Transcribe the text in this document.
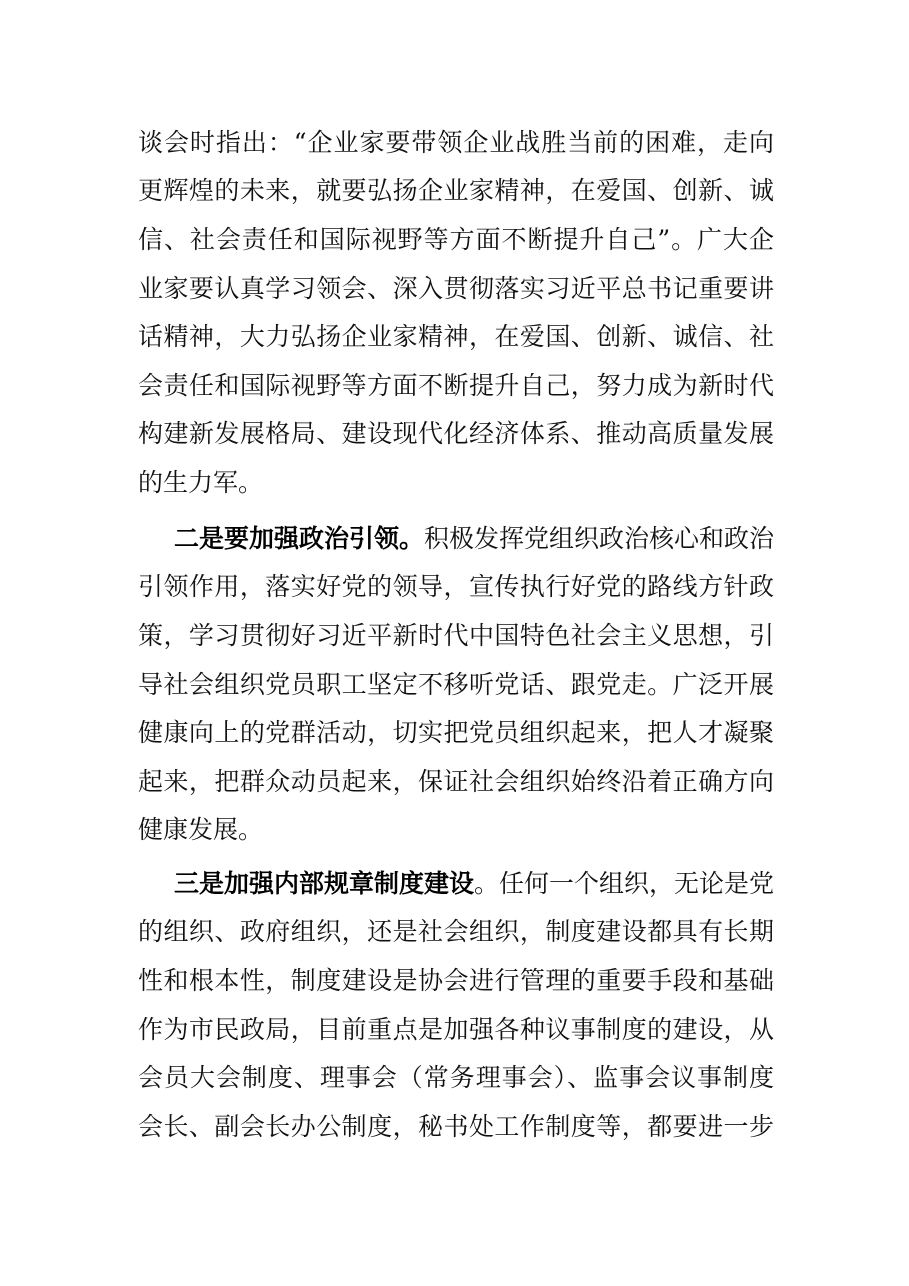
谈会时指出：“企业家要带领企业战胜当前的困难，走向
更辉煌的未来，就要弘扬企业家精神，在爱国、创新、诚
信、社会责任和国际视野等方面不断提升自己”。广大企
业家要认真学习领会、深入贯彻落实习近平总书记重要讲
话精神，大力弘扬企业家精神，在爱国、创新、诚信、社
会责任和国际视野等方面不断提升自己，努力成为新时代
构建新发展格局、建设现代化经济体系、推动高质量发展
的生力军。
二是要加强政治引领。积极发挥党组织政治核心和政治
引领作用，落实好党的领导，宣传执行好党的路线方针政
策，学习贯彻好习近平新时代中国特色社会主义思想，引
导社会组织党员职工坚定不移听党话、跟党走。广泛开展
健康向上的党群活动，切实把党员组织起来，把人才凝聚
起来，把群众动员起来，保证社会组织始终沿着正确方向
健康发展。
三是加强内部规章制度建设。任何一个组织，无论是党
的组织、政府组织，还是社会组织，制度建设都具有长期
性和根本性，制度建设是协会进行管理的重要手段和基础
作为市民政局，目前重点是加强各种议事制度的建设，从
会员大会制度、理事会（常务理事会）、监事会议事制度
会长、副会长办公制度，秘书处工作制度等，都要进一步
